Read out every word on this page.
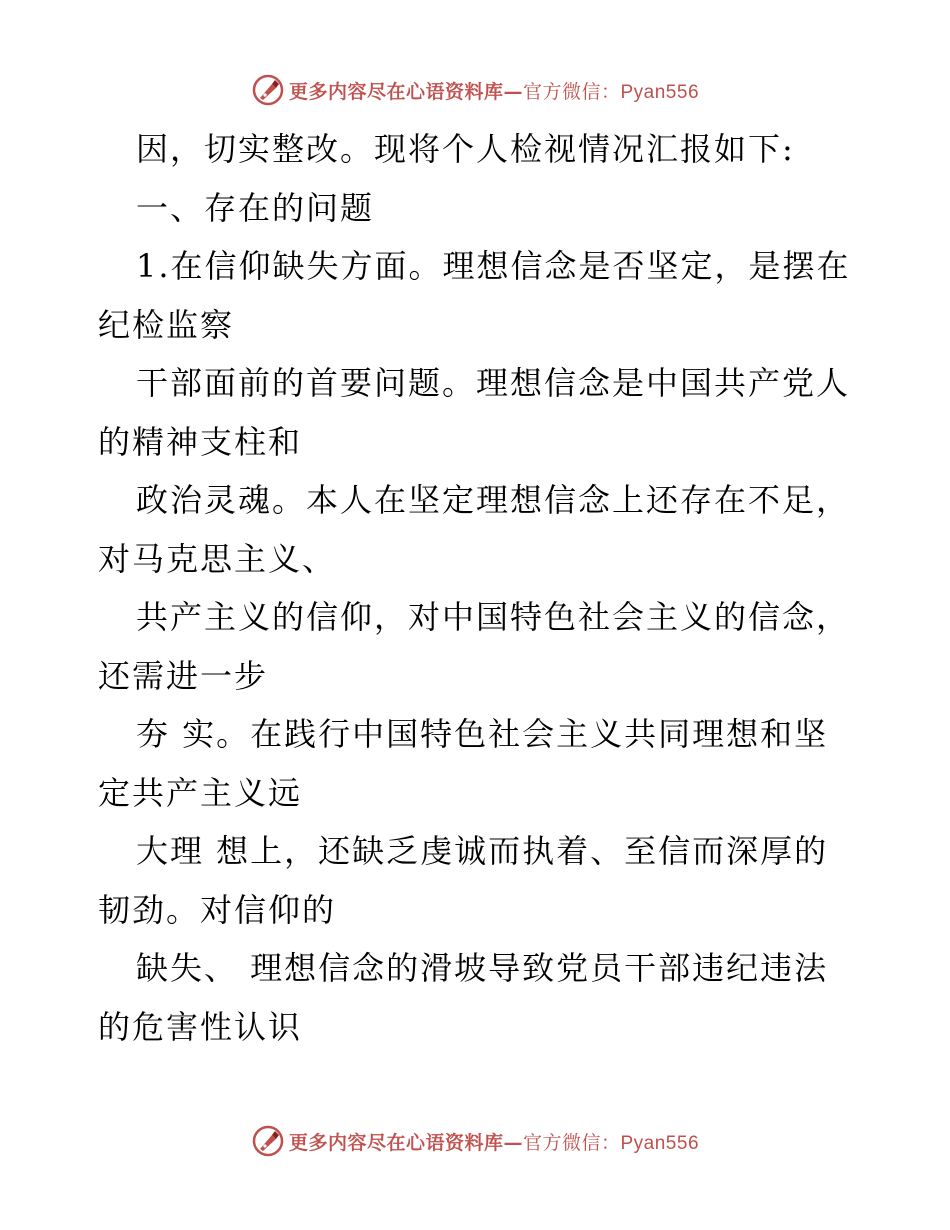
更多内容尽在心语资料库—官方微信：Pyan556

因，切实整改。现将个人检视情况汇报如下:

一、存在的问题

1.在信仰缺失方面。理想信念是否坚定，是摆在

纪检监察

干部面前的首要问题。理想信念是中国共产党人

的精神支柱和

政治灵魂。本人在坚定理想信念上还存在不足，

对马克思主义、

共产主义的信仰，对中国特色社会主义的信念，

还需进一步

夯 实。在践行中国特色社会主义共同理想和坚

定共产主义远

大理 想上，还缺乏虔诚而执着、至信而深厚的

韧劲。对信仰的

缺失、 理想信念的滑坡导致党员干部违纪违法

的危害性认识

更多内容尽在心语资料库—官方微信：Pyan556
